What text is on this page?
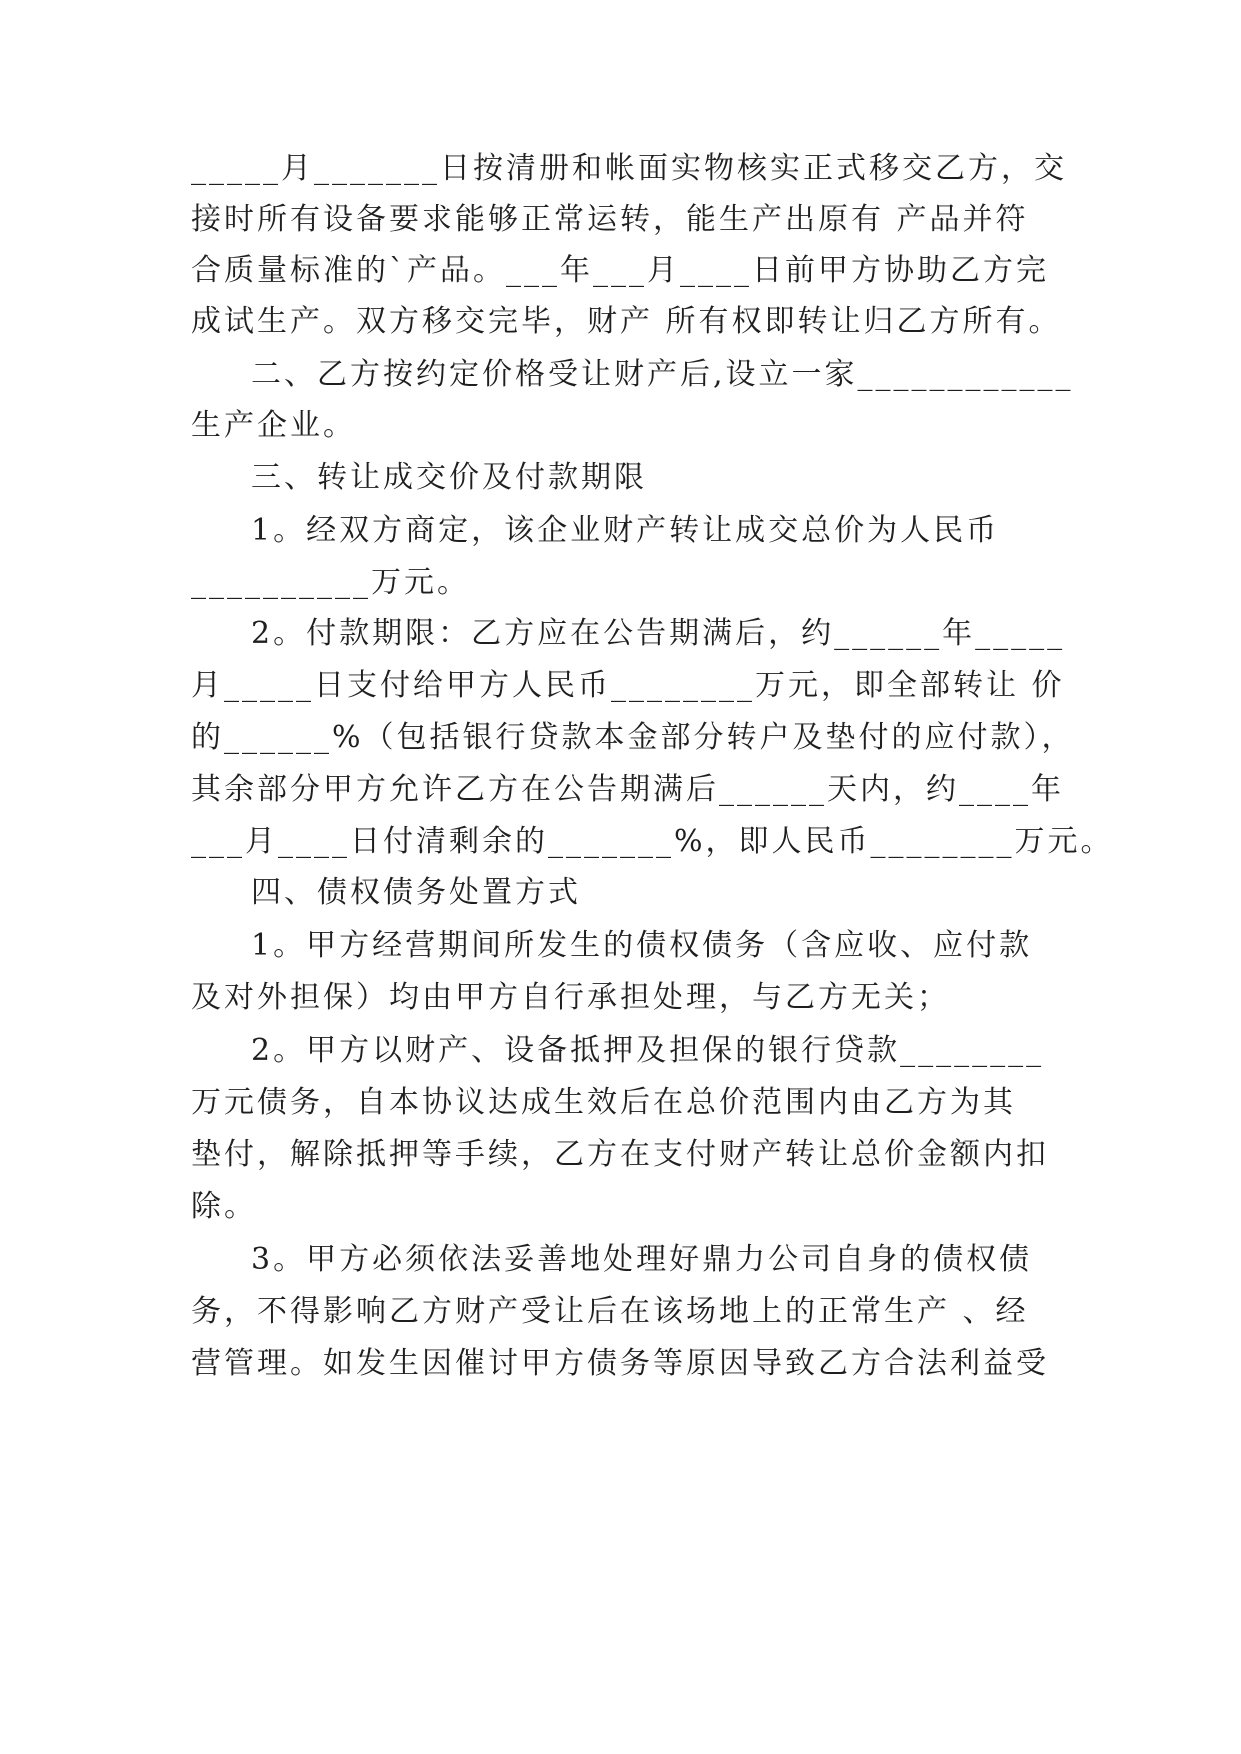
_____月_______日按清册和帐面实物核实正式移交乙方，交
接时所有设备要求能够正常运转，能生产出原有 产品并符
合质量标准的`产品。___年___月____日前甲方协助乙方完
成试生产。双方移交完毕，财产 所有权即转让归乙方所有。
二、乙方按约定价格受让财产后,设立一家____________
生产企业。
三、转让成交价及付款期限
1。经双方商定，该企业财产转让成交总价为人民币
__________万元。
2。付款期限：乙方应在公告期满后，约______年_____
月_____日支付给甲方人民币________万元，即全部转让 价
的______%（包括银行贷款本金部分转户及垫付的应付款），
其余部分甲方允许乙方在公告期满后______天内，约____年
___月____日付清剩余的_______%，即人民币________万元。
四、债权债务处置方式
1。甲方经营期间所发生的债权债务（含应收、应付款
及对外担保）均由甲方自行承担处理，与乙方无关；
2。甲方以财产、设备抵押及担保的银行贷款________
万元债务，自本协议达成生效后在总价范围内由乙方为其
垫付，解除抵押等手续，乙方在支付财产转让总价金额内扣
除。
3。甲方必须依法妥善地处理好鼎力公司自身的债权债
务，不得影响乙方财产受让后在该场地上的正常生产 、经
营管理。如发生因催讨甲方债务等原因导致乙方合法利益受
